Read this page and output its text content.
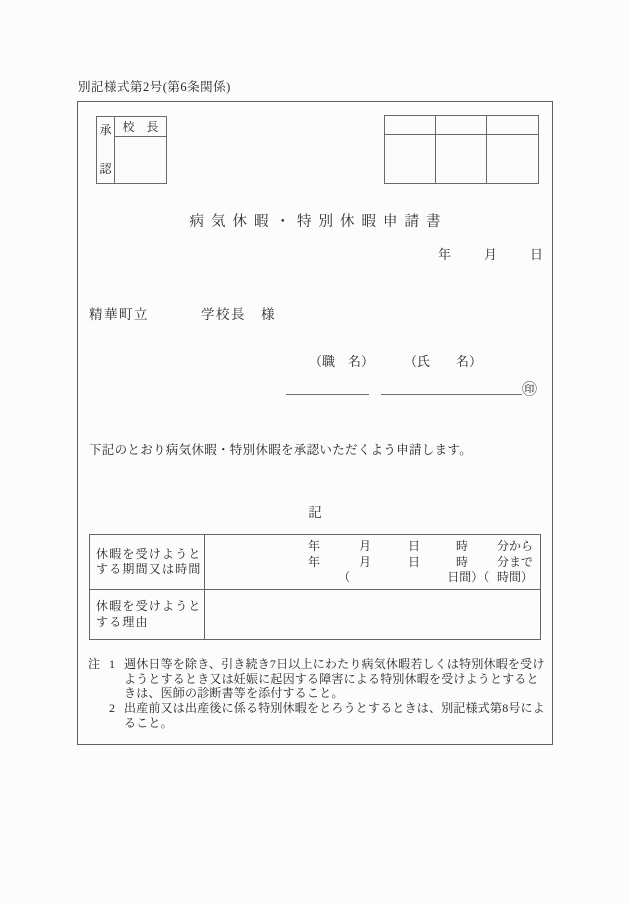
別記様式第2号(第6条関係)
承
認
校　長
病気休暇・特別休暇申請書
年	月	日
精華町立	学校長　様
（職　名） （氏　　名）
㊞
下記のとおり病気休暇・特別休暇を承認いただくよう申請します。
記
休暇を受けようと
する期間又は時間

年	月	日	時	分から
年	月	日	時	分まで
（	日間）（ 時間）

休暇を受けようと
する理由	

注 1 週休日等を除き、引き続き7日以上にわたり病気休暇若しくは特別休暇を受けようとするとき又は妊娠に起因する障害による特別休暇を受けようとするときは、医師の診断書等を添付すること。
2 出産前又は出産後に係る特別休暇をとろうとするときは、別記様式第8号によること。
